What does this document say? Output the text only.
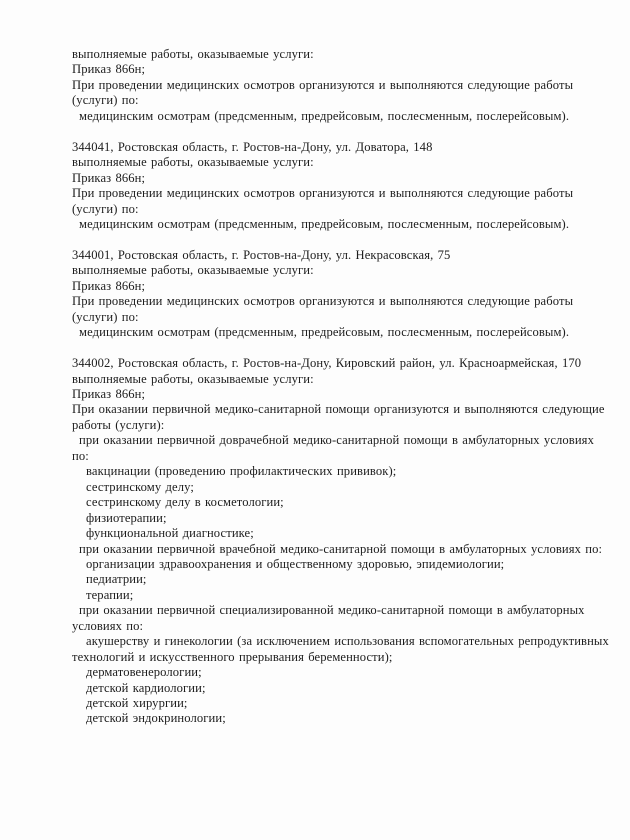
выполняемые работы, оказываемые услуги:
Приказ 866н;
При проведении медицинских осмотров организуются и выполняются следующие работы
(услуги) по:
медицинским осмотрам (предсменным, предрейсовым, послесменным, послерейсовым).

344041, Ростовская область, г. Ростов-на-Дону, ул. Доватора, 148
выполняемые работы, оказываемые услуги:
Приказ 866н;
При проведении медицинских осмотров организуются и выполняются следующие работы
(услуги) по:
медицинским осмотрам (предсменным, предрейсовым, послесменным, послерейсовым).

344001, Ростовская область, г. Ростов-на-Дону, ул. Некрасовская, 75
выполняемые работы, оказываемые услуги:
Приказ 866н;
При проведении медицинских осмотров организуются и выполняются следующие работы
(услуги) по:
медицинским осмотрам (предсменным, предрейсовым, послесменным, послерейсовым).

344002, Ростовская область, г. Ростов-на-Дону, Кировский район, ул. Красноармейская, 170
выполняемые работы, оказываемые услуги:
Приказ 866н;
При оказании первичной медико-санитарной помощи организуются и выполняются следующие
работы (услуги):
при оказании первичной доврачебной медико-санитарной помощи в амбулаторных условиях
по:
вакцинации (проведению профилактических прививок);
сестринскому делу;
сестринскому делу в косметологии;
физиотерапии;
функциональной диагностике;
при оказании первичной врачебной медико-санитарной помощи в амбулаторных условиях по:
организации здравоохранения и общественному здоровью, эпидемиологии;
педиатрии;
терапии;
при оказании первичной специализированной медико-санитарной помощи в амбулаторных
условиях по:
акушерству и гинекологии (за исключением использования вспомогательных репродуктивных
технологий и искусственного прерывания беременности);
дерматовенерологии;
детской кардиологии;
детской хирургии;
детской эндокринологии;
